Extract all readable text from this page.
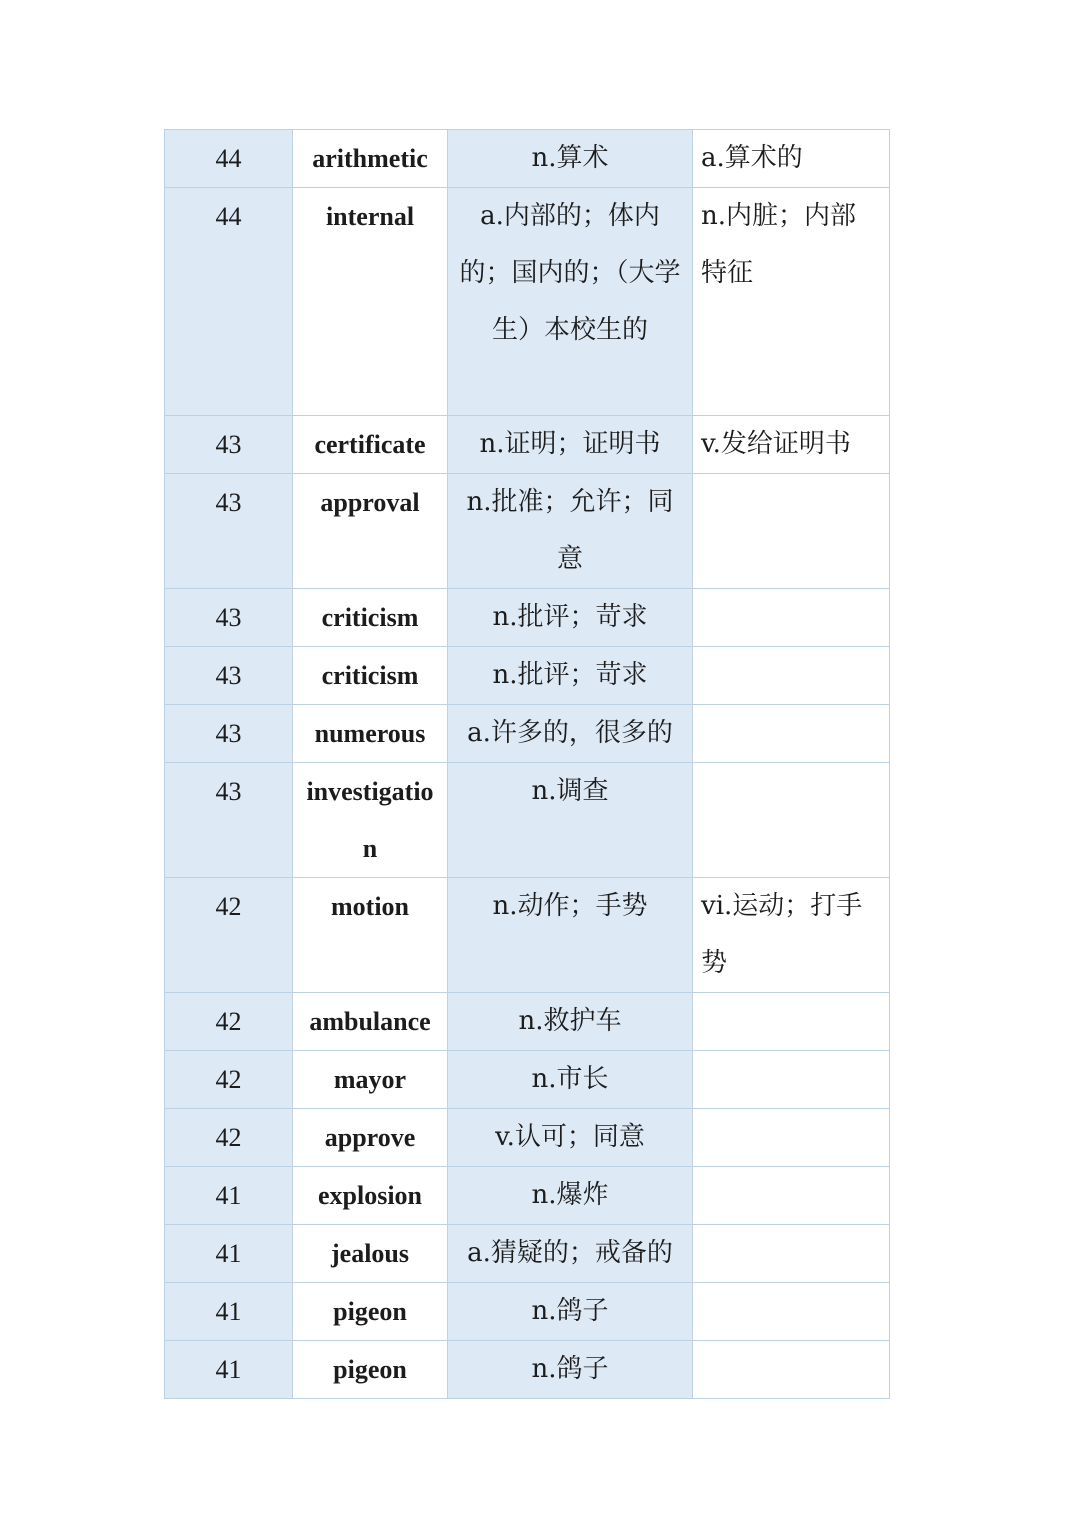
44	arithmetic	n.算术	a.算术的
44	internal	a.内部的；体内的；国内的；（大学生）本校生的	n.内脏；内部特征
43	certificate	n.证明；证明书	v.发给证明书
43	approval	n.批准；允许；同意	
43	criticism	n.批评；苛求	
43	criticism	n.批评；苛求	
43	numerous	a.许多的，很多的	
43	investigation	n.调查	
42	motion	n.动作；手势	vi.运动；打手势
42	ambulance	n.救护车	
42	mayor	n.市长	
42	approve	v.认可；同意	
41	explosion	n.爆炸	
41	jealous	a.猜疑的；戒备的	
41	pigeon	n.鸽子	
41	pigeon	n.鸽子	
